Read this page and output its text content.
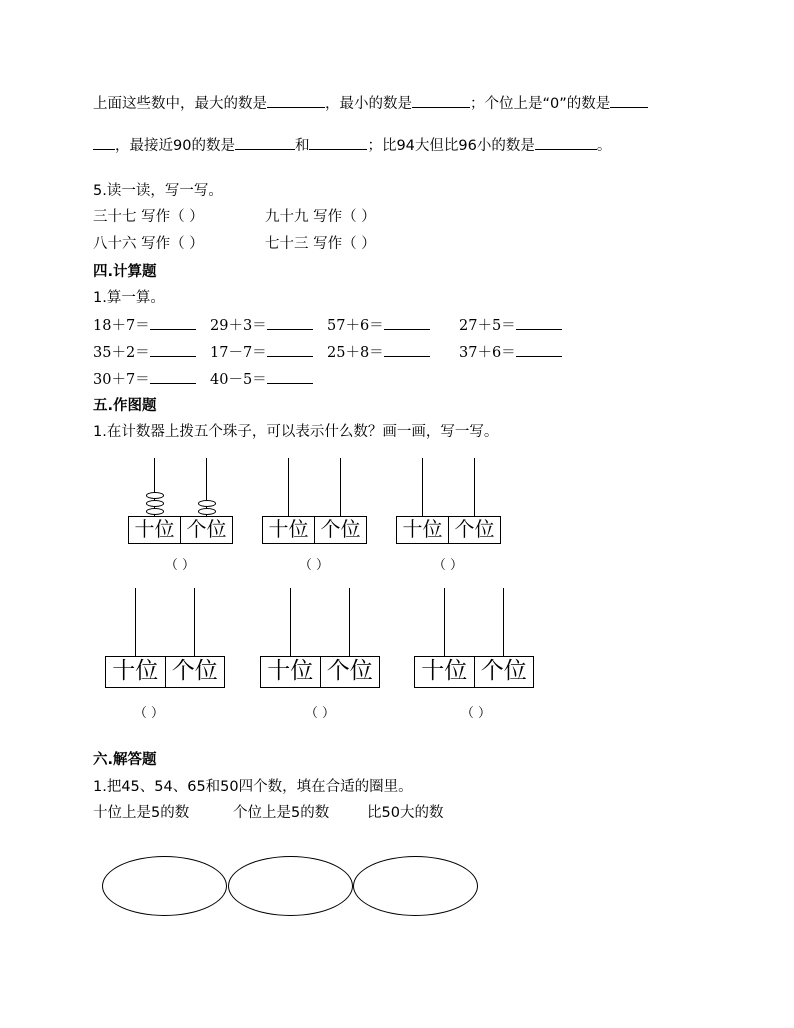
上面这些数中，最大的数是	，最小的数是	；个位上是“0”的数是
，最接近90的数是	和	；比94大但比96小的数是	。
5.读一读，写一写。
三十七 写作（ ）	九十九 写作（ ）
八十六 写作（ ）	七十三 写作（ ）
四.计算题
1.算一算。
18＋7＝	29＋3＝	57＋6＝	27＋5＝
35＋2＝	17－7＝	25＋8＝	37＋6＝
30＋7＝	40－5＝
五.作图题
1.在计数器上拨五个珠子，可以表示什么数？画一画，写一写。
十位 个位
（ ）
十位 个位
（ ）
十位 个位
（ ）
十位 个位
（ ）
十位 个位
（ ）
十位 个位
（ ）
六.解答题
1.把45、54、65和50四个数，填在合适的圈里。
十位上是5的数	个位上是5的数	比50大的数
